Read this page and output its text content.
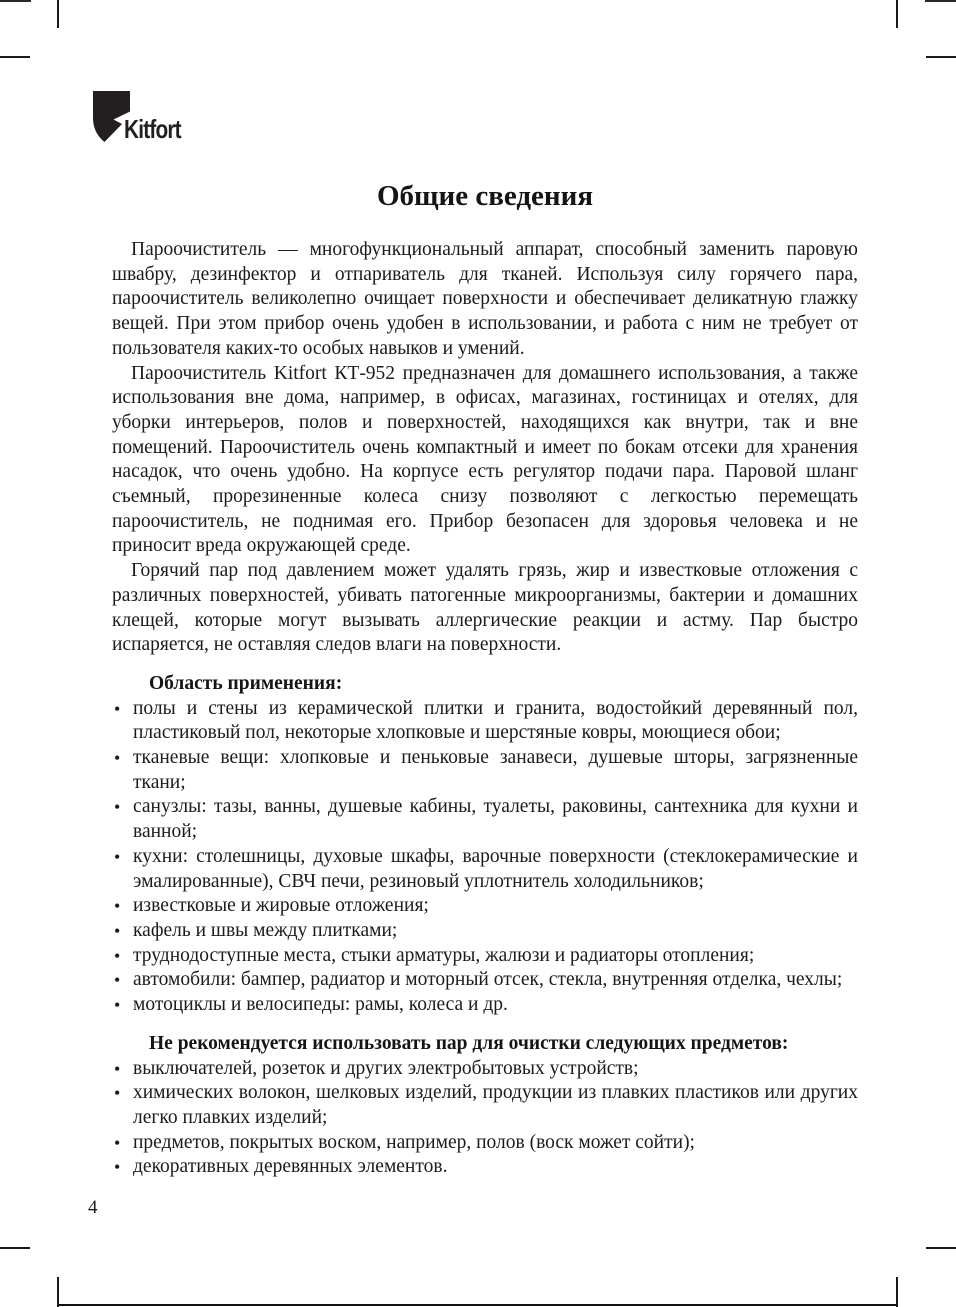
Kitfort
Общие сведения

Пароочиститель — многофункциональный аппарат, способный заменить паровую швабру, дезинфектор и отпариватель для тканей. Используя силу горячего пара, пароочиститель великолепно очищает поверхности и обеспечивает деликатную глажку вещей. При этом прибор очень удобен в использовании, и работа с ним не требует от пользователя каких-то особых навыков и умений.

Пароочиститель Kitfort КТ-952 предназначен для домашнего использования, а также использования вне дома, например, в офисах, магазинах, гостиницах и отелях, для уборки интерьеров, полов и поверхностей, находящихся как внутри, так и вне помещений. Пароочиститель очень компактный и имеет по бокам отсеки для хранения насадок, что очень удобно. На корпусе есть регулятор подачи пара. Паровой шланг съемный, прорезиненные колеса снизу позволяют с легкостью перемещать пароочиститель, не поднимая его. Прибор безопасен для здоровья человека и не приносит вреда окружающей среде.

Горячий пар под давлением может удалять грязь, жир и известковые отложения с различных поверхностей, убивать патогенные микроорганизмы, бактерии и домашних клещей, которые могут вызывать аллергические реакции и астму. Пар быстро испаряется, не оставляя следов влаги на поверхности.

Область применения:
• полы и стены из керамической плитки и гранита, водостойкий деревянный пол, пластиковый пол, некоторые хлопковые и шерстяные ковры, моющиеся обои;
• тканевые вещи: хлопковые и пеньковые занавеси, душевые шторы, загрязненные ткани;
• санузлы: тазы, ванны, душевые кабины, туалеты, раковины, сантехника для кухни и ванной;
• кухни: столешницы, духовые шкафы, варочные поверхности (стеклокерамические и эмалированные), СВЧ печи, резиновый уплотнитель холодильников;
• известковые и жировые отложения;
• кафель и швы между плитками;
• труднодоступные места, стыки арматуры, жалюзи и радиаторы отопления;
• автомобили: бампер, радиатор и моторный отсек, стекла, внутренняя отделка, чехлы;
• мотоциклы и велосипеды: рамы, колеса и др.
Не рекомендуется использовать пар для очистки следующих предметов:
• выключателей, розеток и других электробытовых устройств;
• химических волокон, шелковых изделий, продукции из плавких пластиков или других легко плавких изделий;
• предметов, покрытых воском, например, полов (воск может сойти);
• декоративных деревянных элементов.
4
